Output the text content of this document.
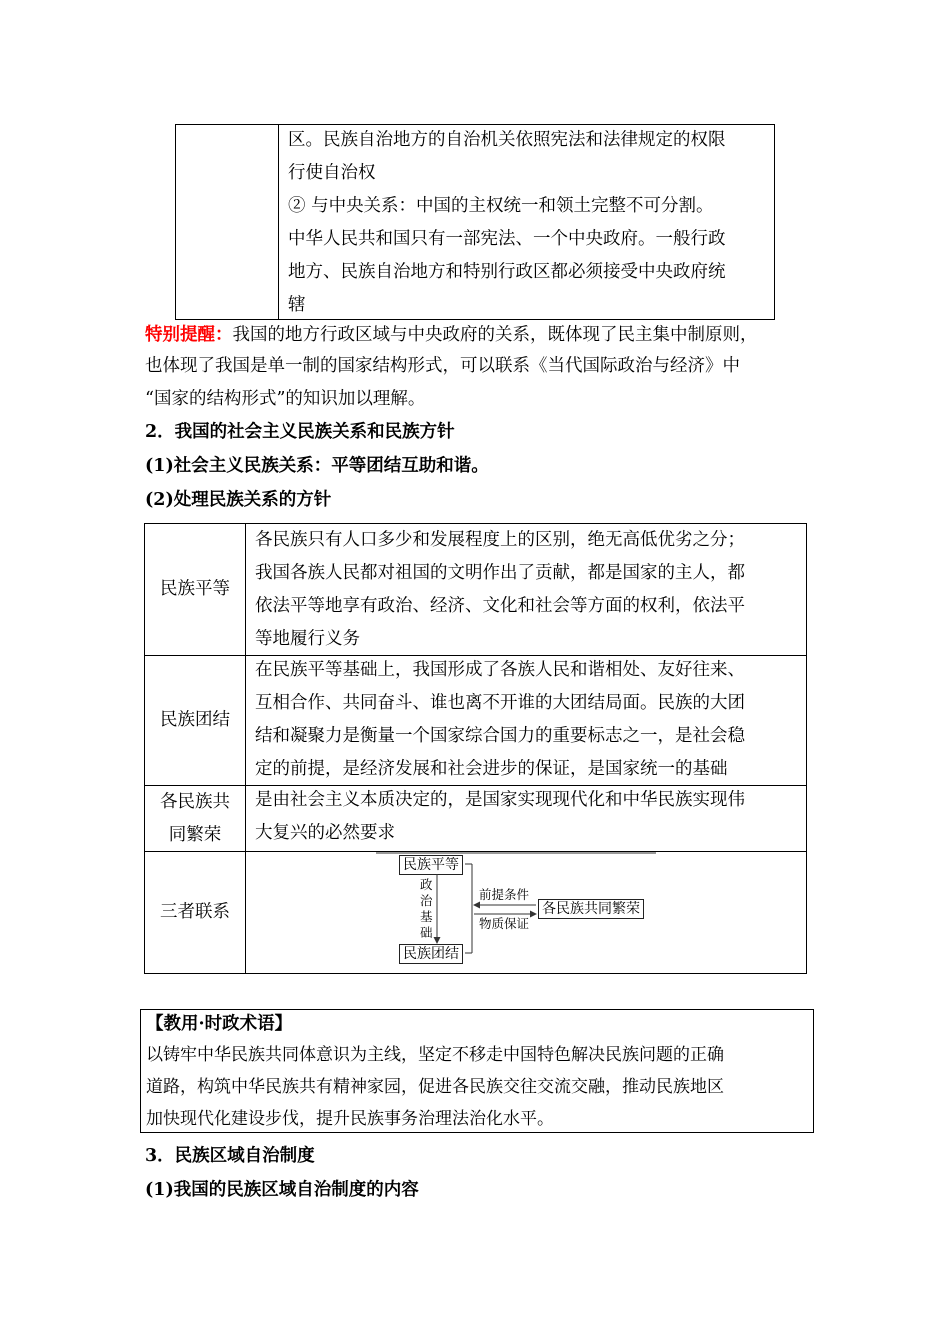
区。民族自治地方的自治机关依照宪法和法律规定的权限
行使自治权
② 与中央关系：中国的主权统一和领土完整不可分割。
中华人民共和国只有一部宪法、一个中央政府。一般行政
地方、民族自治地方和特别行政区都必须接受中央政府统
辖
特别提醒：我国的地方行政区域与中央政府的关系，既体现了民主集中制原则，
也体现了我国是单一制的国家结构形式，可以联系《当代国际政治与经济》中
“国家的结构形式”的知识加以理解。
2．我国的社会主义民族关系和民族方针
(1)社会主义民族关系：平等团结互助和谐。
(2)处理民族关系的方针
民族平等
各民族只有人口多少和发展程度上的区别，绝无高低优劣之分；
我国各族人民都对祖国的文明作出了贡献，都是国家的主人，都
依法平等地享有政治、经济、文化和社会等方面的权利，依法平
等地履行义务
民族团结
在民族平等基础上，我国形成了各族人民和谐相处、友好往来、
互相合作、共同奋斗、谁也离不开谁的大团结局面。民族的大团
结和凝聚力是衡量一个国家综合国力的重要标志之一，是社会稳
定的前提，是经济发展和社会进步的保证，是国家统一的基础
各民族共
同繁荣
是由社会主义本质决定的，是国家实现现代化和中华民族实现伟
大复兴的必然要求
三者联系
民族平等
民族团结
各民族共同繁荣
政
治
基
础
前提条件
物质保证
【教用·时政术语】
以铸牢中华民族共同体意识为主线，坚定不移走中国特色解决民族问题的正确
道路，构筑中华民族共有精神家园，促进各民族交往交流交融，推动民族地区
加快现代化建设步伐，提升民族事务治理法治化水平。
3．民族区域自治制度
(1)我国的民族区域自治制度的内容
